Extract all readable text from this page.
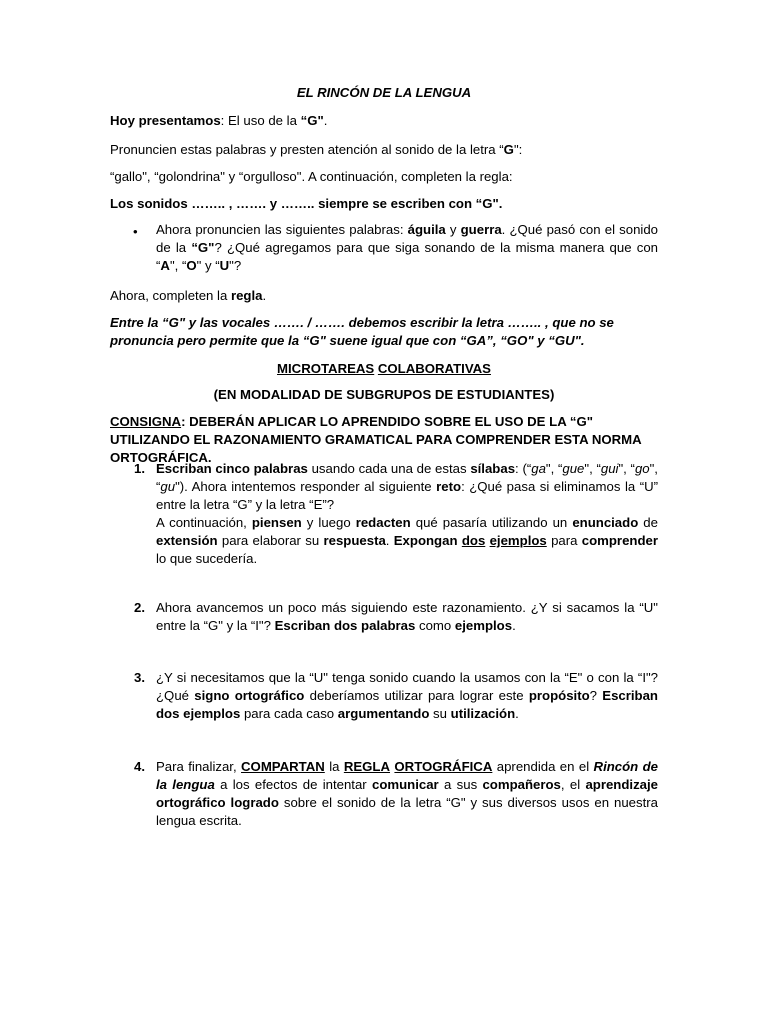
EL RINCÓN DE LA LENGUA

Hoy presentamos: El uso de la “G".

Pronuncien estas palabras y presten atención al sonido de la letra “G":

“gallo", “golondrina" y “orgulloso". A continuación, completen la regla:

Los sonidos …….. , ……. y …….. siempre se escriben con “G".

•	Ahora pronuncien las siguientes palabras: águila y guerra. ¿Qué pasó con el sonido de la “G"? ¿Qué agregamos para que siga sonando de la misma manera que con “A", “O" y “U"?

Ahora, completen la regla.

Entre la “G" y las vocales ……. / ……. debemos escribir la letra …….. , que no se pronuncia pero permite que la “G" suene igual que con “GA”, “GO" y “GU".

MICROTAREAS COLABORATIVAS

(EN MODALIDAD DE SUBGRUPOS DE ESTUDIANTES)

CONSIGNA: DEBERÁN APLICAR LO APRENDIDO SOBRE EL USO DE LA “G" UTILIZANDO EL RAZONAMIENTO GRAMATICAL PARA COMPRENDER ESTA NORMA ORTOGRÁFICA.

1. Escriban cinco palabras usando cada una de estas sílabas: (“ga", “gue", “gui", “go", “gu"). Ahora intentemos responder al siguiente reto: ¿Qué pasa si eliminamos la “U” entre la letra “G” y la letra “E”?
A continuación, piensen y luego redacten qué pasaría utilizando un enunciado de extensión para elaborar su respuesta. Expongan dos ejemplos para comprender lo que sucedería.

2. Ahora avancemos un poco más siguiendo este razonamiento. ¿Y si sacamos la “U" entre la “G" y la “I"? Escriban dos palabras como ejemplos.

3. ¿Y si necesitamos que la “U" tenga sonido cuando la usamos con la “E" o con la “I"? ¿Qué signo ortográfico deberíamos utilizar para lograr este propósito? Escriban dos ejemplos para cada caso argumentando su utilización.

4. Para finalizar, COMPARTAN la REGLA ORTOGRÁFICA aprendida en el Rincón de la lengua a los efectos de intentar comunicar a sus compañeros, el aprendizaje ortográfico logrado sobre el sonido de la letra “G" y sus diversos usos en nuestra lengua escrita.
